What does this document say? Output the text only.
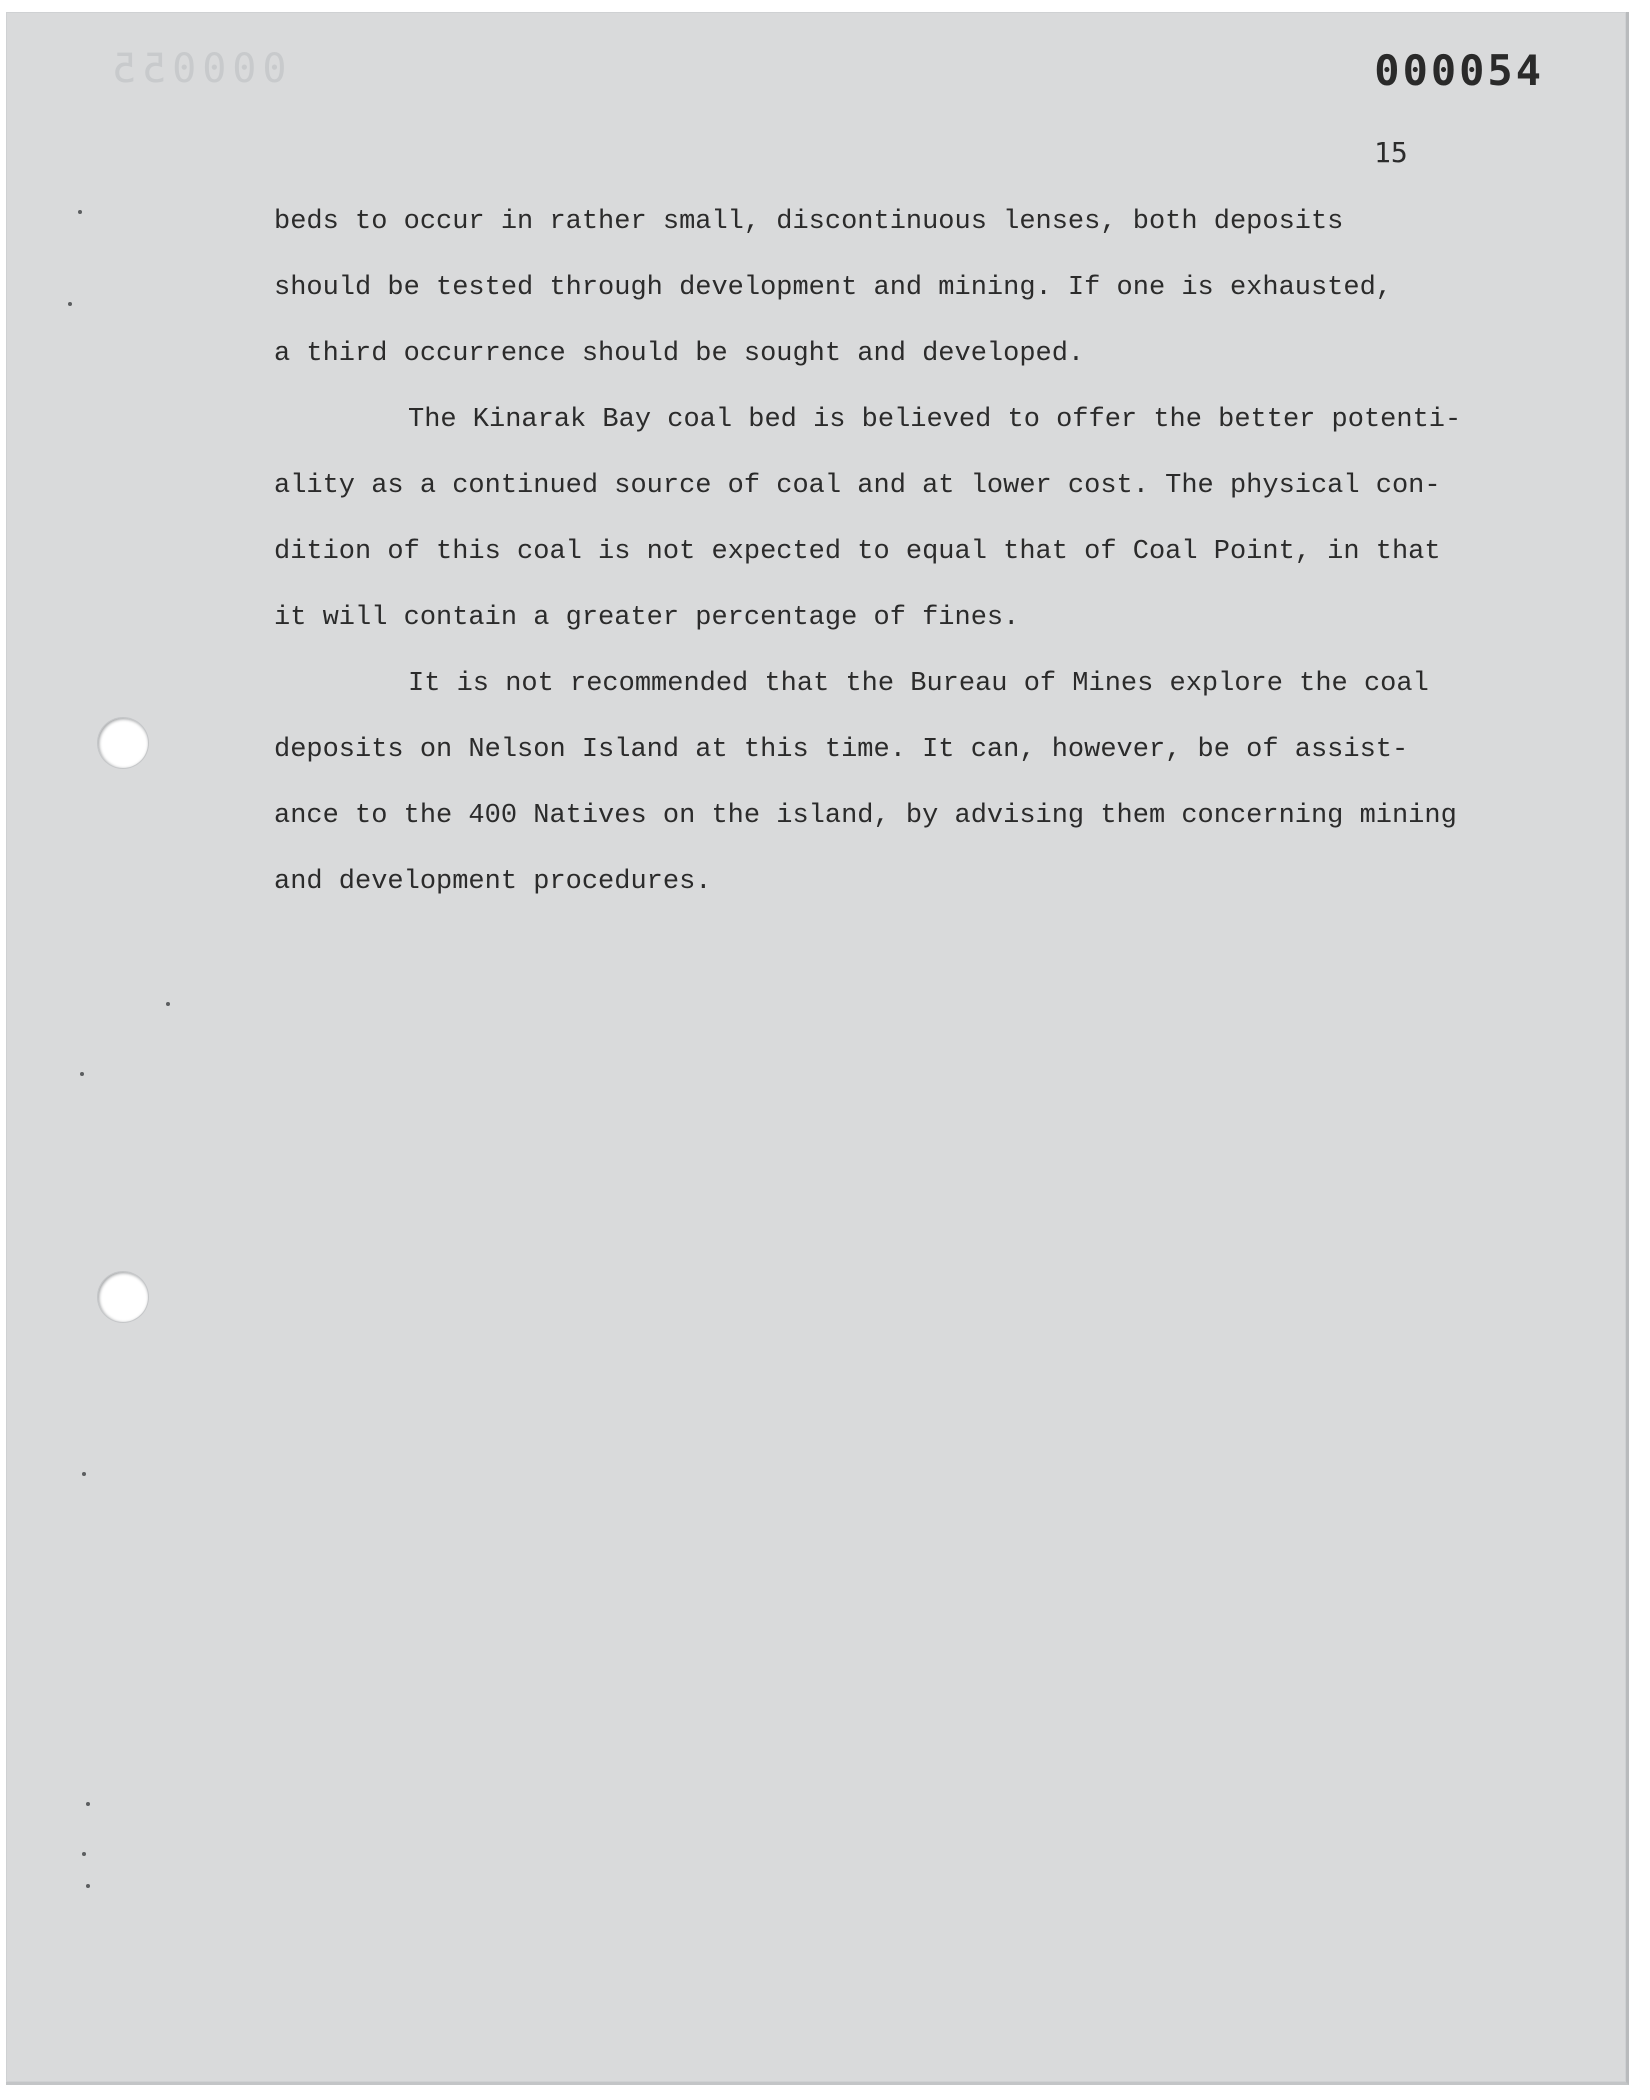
000055	000054
15
beds to occur in rather small, discontinuous lenses, both deposits
should be tested through development and mining. If one is exhausted,
a third occurrence should be sought and developed.
The Kinarak Bay coal bed is believed to offer the better potenti-
ality as a continued source of coal and at lower cost. The physical con-
dition of this coal is not expected to equal that of Coal Point, in that
it will contain a greater percentage of fines.
It is not recommended that the Bureau of Mines explore the coal
deposits on Nelson Island at this time. It can, however, be of assist-
ance to the 400 Natives on the island, by advising them concerning mining
and development procedures.
